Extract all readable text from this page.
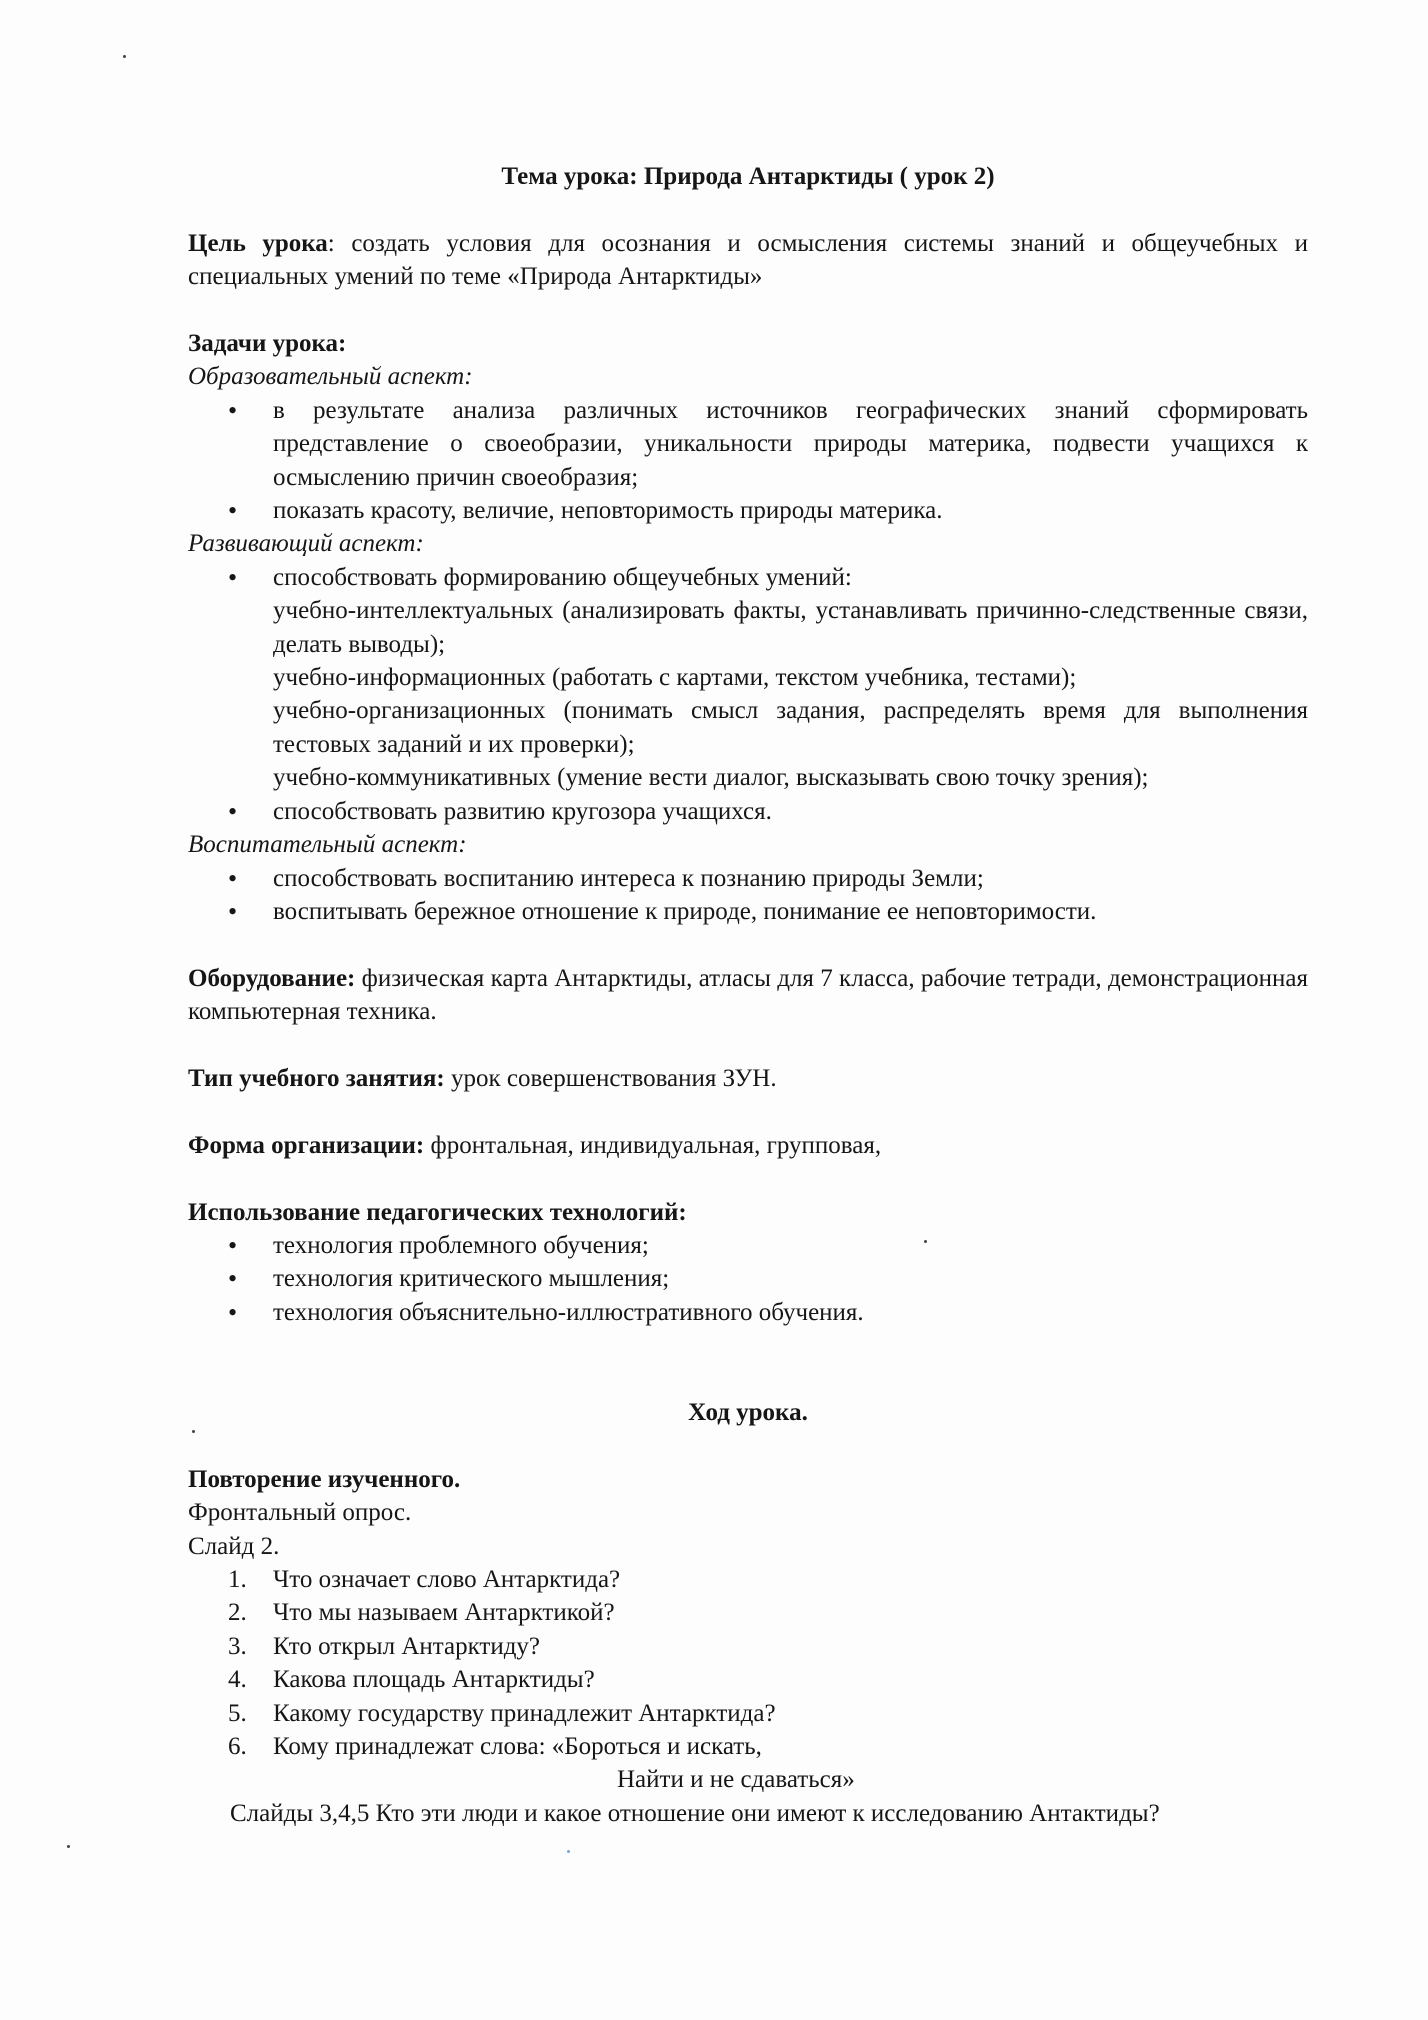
Тема урока: Природа Антарктиды ( урок 2)
Цель урока: создать условия для осознания и осмысления системы знаний и общеучебных и специальных умений по теме «Природа Антарктиды»
Задачи урока:
Образовательный аспект:
• в результате анализа различных источников географических знаний сформировать представление о своеобразии, уникальности природы материка, подвести учащихся к осмыслению причин своеобразия;
• показать красоту, величие, неповторимость природы материка.
Развивающий аспект:
• способствовать формированию общеучебных умений:
учебно-интеллектуальных (анализировать факты, устанавливать причинно-следственные связи, делать выводы);
учебно-информационных (работать с картами, текстом учебника, тестами);
учебно-организационных (понимать смысл задания, распределять время для выполнения тестовых заданий и их проверки);
учебно-коммуникативных (умение вести диалог, высказывать свою точку зрения);
• способствовать развитию кругозора учащихся.
Воспитательный аспект:
• способствовать воспитанию интереса к познанию природы Земли;
• воспитывать бережное отношение к природе, понимание ее неповторимости.
Оборудование: физическая карта Антарктиды, атласы для 7 класса, рабочие тетради, демонстрационная компьютерная техника.
Тип учебного занятия: урок совершенствования ЗУН.
Форма организации: фронтальная, индивидуальная, групповая,
Использование педагогических технологий:
• технология проблемного обучения;
• технология критического мышления;
• технология объяснительно-иллюстративного обучения.
Ход урока.
Повторение изученного.
Фронтальный опрос.
Слайд 2.
1. Что означает слово Антарктида?
2. Что мы называем Антарктикой?
3. Кто открыл Антарктиду?
4. Какова площадь Антарктиды?
5. Какому государству принадлежит Антарктида?
6. Кому принадлежат слова: «Бороться и искать,
Найти и не сдаваться»
Слайды 3,4,5 Кто эти люди и какое отношение они имеют к исследованию Антактиды?
